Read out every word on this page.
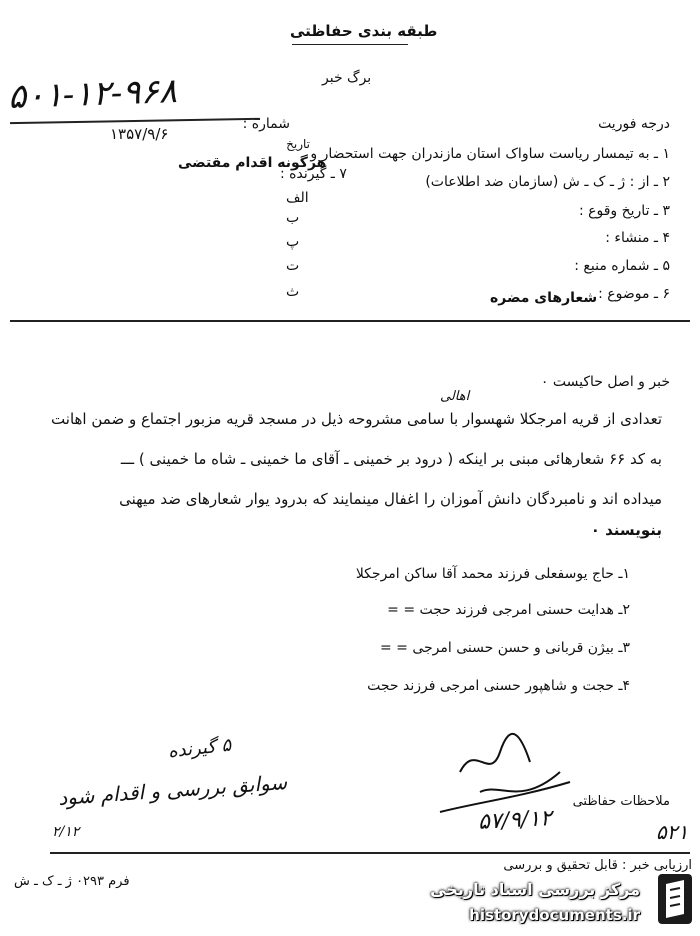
طبقه بندی حفاظتی
برگ خبر
۵۰۱-۱۲-۹۶۸
۱۳۵۷/۹/۶
درجه فوریت
شماره :
تاریخ
۱ ـ به تیمسار ریاست ساواک استان مازندران جهت استحضار و
هرگونه اقدام مقتضی
۲ ـ از : ژ ـ ک ـ ش (سازمان ضد اطلاعات)
۷ ـ گیرنده :
الف
۳ ـ تاریخ وقوع :
ب
۴ ـ منشاء :
پ
۵ ـ شماره منبع :
ت
۶ ـ موضوع :
شعارهای مضره
ث
خبر و اصل حاکیست ۰
اهالی
تعدادی از قریه امرجکلا شهسوار با سامی مشروحه ذیل در مسجد قریه مزبور اجتماع و ضمن اهانت
به کد ۶۶ شعارهائی مبنی بر اینکه ( درود بر خمینی ـ آقای ما خمینی ـ شاه ما خمینی ) ـــ
میداده اند و نامبردگان دانش آموزان را اغفال مینمایند که بدرود یوار شعارهای ضد میهنی
بنویسند ۰
۱ـ حاج یوسفعلی فرزند محمد آقا ساکن امرجکلا
۲ـ هدایت حسنی امرجی فرزند حجت = =
۳ـ بیژن قربانی و حسن حسنی امرجی = =
۴ـ حجت و شاهپور حسنی امرجی فرزند حجت
۵ گیرنده
سوابق بررسی و اقدام شود
۲/۱۲	۵۷/۹/۱۲	۵۲۱
ملاحظات حفاظتی
ارزیابی خبر : قابل تحقیق و بررسی
فرم ۰۲۹۳ ژ ـ ک ـ ش	مرکز بررسی اسناد تاریخی
historydocuments.ir
